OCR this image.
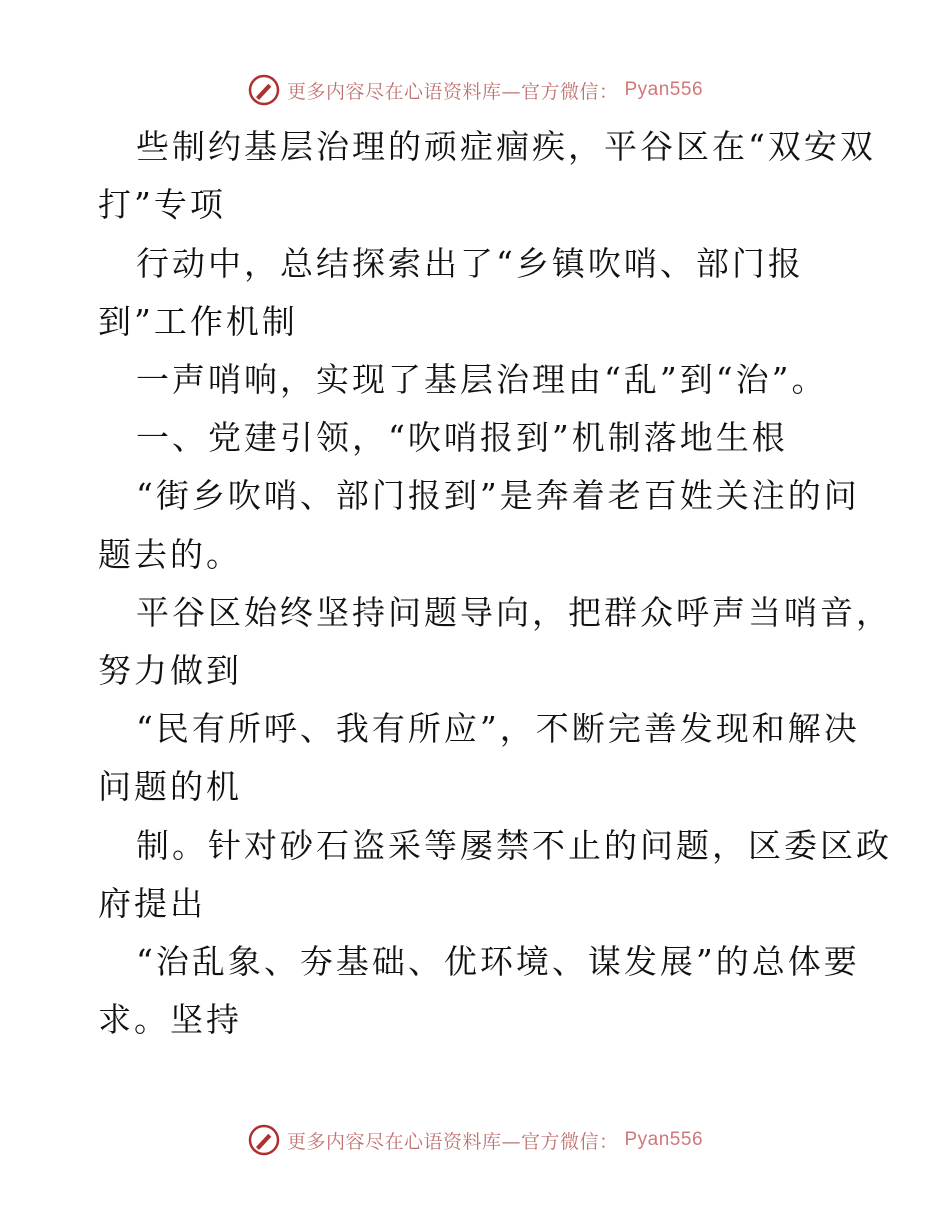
更多内容尽在心语资料库—官方微信： Pyan556
些制约基层治理的顽症痼疾，平谷区在“双安双
打”专项
行动中，总结探索出了“乡镇吹哨、部门报
到”工作机制
一声哨响，实现了基层治理由“乱”到“治”。
一、党建引领，“吹哨报到”机制落地生根
“街乡吹哨、部门报到”是奔着老百姓关注的问
题去的。
平谷区始终坚持问题导向，把群众呼声当哨音，
努力做到
“民有所呼、我有所应”，不断完善发现和解决
问题的机
制。针对砂石盗采等屡禁不止的问题，区委区政
府提出
“治乱象、夯基础、优环境、谋发展”的总体要
求。坚持
更多内容尽在心语资料库—官方微信： Pyan556
